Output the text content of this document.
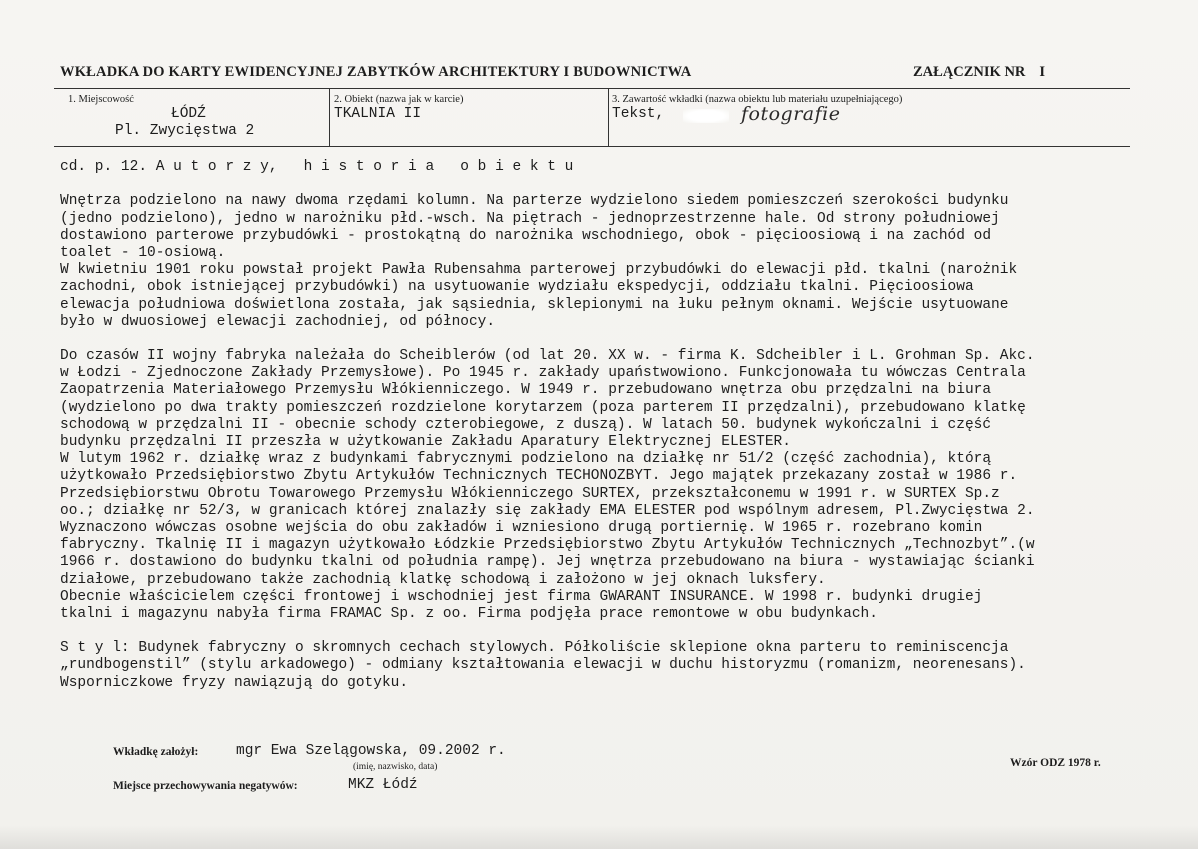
WKŁADKA DO KARTY EWIDENCYJNEJ ZABYTKÓW ARCHITEKTURY I BUDOWNICTWA	ZAŁĄCZNIK NR I
1. Miejscowość
ŁÓDŹ
Pl. Zwycięstwa 2
2. Obiekt (nazwa jak w karcie)
TKALNIA II
3. Zawartość wkładki (nazwa obiektu lub materiału uzupełniającego)
Tekst,	fotografie
cd. p. 12. A u t o r z y,   h i s t o r i a   o b i e k t u
Wnętrza podzielono na nawy dwoma rzędami kolumn. Na parterze wydzielono siedem pomieszczeń szerokości budynku
(jedno podzielono), jedno w narożniku płd.-wsch. Na piętrach - jednoprzestrzenne hale. Od strony południowej
dostawiono parterowe przybudówki - prostokątną do narożnika wschodniego, obok - pięcioosiową i na zachód od
toalet - 10-osiową.
W kwietniu 1901 roku powstał projekt Pawła Rubensahma parterowej przybudówki do elewacji płd. tkalni (narożnik
zachodni, obok istniejącej przybudówki) na usytuowanie wydziału ekspedycji, oddziału tkalni. Pięcioosiowa
elewacja południowa doświetlona została, jak sąsiednia, sklepionymi na łuku pełnym oknami. Wejście usytuowane
było w dwuosiowej elewacji zachodniej, od północy.
Do czasów II wojny fabryka należała do Scheiblerów (od lat 20. XX w. - firma K. Sdcheibler i L. Grohman Sp. Akc.
w Łodzi - Zjednoczone Zakłady Przemysłowe). Po 1945 r. zakłady upaństwowiono. Funkcjonowała tu wówczas Centrala
Zaopatrzenia Materiałowego Przemysłu Włókienniczego. W 1949 r. przebudowano wnętrza obu przędzalni na biura
(wydzielono po dwa trakty pomieszczeń rozdzielone korytarzem (poza parterem II przędzalni), przebudowano klatkę
schodową w przędzalni II - obecnie schody czterobiegowe, z duszą). W latach 50. budynek wykończalni i część
budynku przędzalni II przeszła w użytkowanie Zakładu Aparatury Elektrycznej ELESTER.
W lutym 1962 r. działkę wraz z budynkami fabrycznymi podzielono na działkę nr 51/2 (część zachodnia), którą
użytkowało Przedsiębiorstwo Zbytu Artykułów Technicznych TECHONOZBYT. Jego majątek przekazany został w 1986 r.
Przedsiębiorstwu Obrotu Towarowego Przemysłu Włókienniczego SURTEX, przekształconemu w 1991 r. w SURTEX Sp.z
oo.; działkę nr 52/3, w granicach której znalazły się zakłady EMA ELESTER pod wspólnym adresem, Pl.Zwycięstwa 2.
Wyznaczono wówczas osobne wejścia do obu zakładów i wzniesiono drugą portiernię. W 1965 r. rozebrano komin
fabryczny. Tkalnię II i magazyn użytkowało Łódzkie Przedsiębiorstwo Zbytu Artykułów Technicznych „Technozbyt”.(w
1966 r. dostawiono do budynku tkalni od południa rampę). Jej wnętrza przebudowano na biura - wystawiając ścianki
działowe, przebudowano także zachodnią klatkę schodową i założono w jej oknach luksfery.
Obecnie właścicielem części frontowej i wschodniej jest firma GWARANT INSURANCE. W 1998 r. budynki drugiej
tkalni i magazynu nabyła firma FRAMAC Sp. z oo. Firma podjęła prace remontowe w obu budynkach.
S t y l: Budynek fabryczny o skromnych cechach stylowych. Półkoliście sklepione okna parteru to reminiscencja
„rundbogenstil” (stylu arkadowego) - odmiany kształtowania elewacji w duchu historyzmu (romanizm, neorenesans).
Wsporniczkowe fryzy nawiązują do gotyku.
Wkładkę założył:	mgr Ewa Szelągowska, 09.2002 r.
(imię, nazwisko, data)
Miejsce przechowywania negatywów:	MKZ Łódź
Wzór ODZ 1978 r.
